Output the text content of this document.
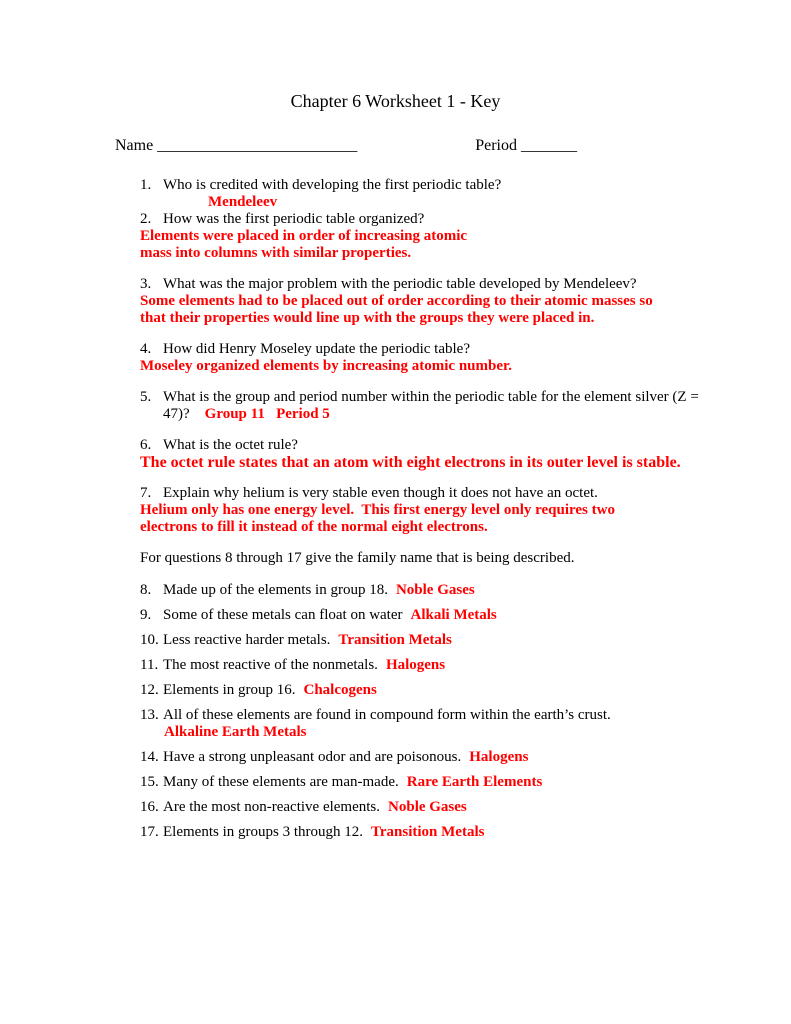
Chapter 6 Worksheet 1 - Key
Name _________________________	Period _______
1. Who is credited with developing the first periodic table?
Mendeleev
2. How was the first periodic table organized?
Elements were placed in order of increasing atomic
mass into columns with similar properties.
3. What was the major problem with the periodic table developed by Mendeleev?
Some elements had to be placed out of order according to their atomic masses so
that their properties would line up with the groups they were placed in.
4. How did Henry Moseley update the periodic table?
Moseley organized elements by increasing atomic number.
5. What is the group and period number within the periodic table for the element silver (Z =
47)? Group 11   Period 5
6. What is the octet rule?
The octet rule states that an atom with eight electrons in its outer level is stable.
7. Explain why helium is very stable even though it does not have an octet.
Helium only has one energy level.  This first energy level only requires two
electrons to fill it instead of the normal eight electrons.
For questions 8 through 17 give the family name that is being described.
8. Made up of the elements in group 18. Noble Gases
9. Some of these metals can float on water Alkali Metals
10. Less reactive harder metals. Transition Metals
11. The most reactive of the nonmetals. Halogens
12. Elements in group 16. Chalcogens
13. All of these elements are found in compound form within the earth’s crust.
Alkaline Earth Metals
14. Have a strong unpleasant odor and are poisonous. Halogens
15. Many of these elements are man-made. Rare Earth Elements
16. Are the most non-reactive elements. Noble Gases
17. Elements in groups 3 through 12. Transition Metals
